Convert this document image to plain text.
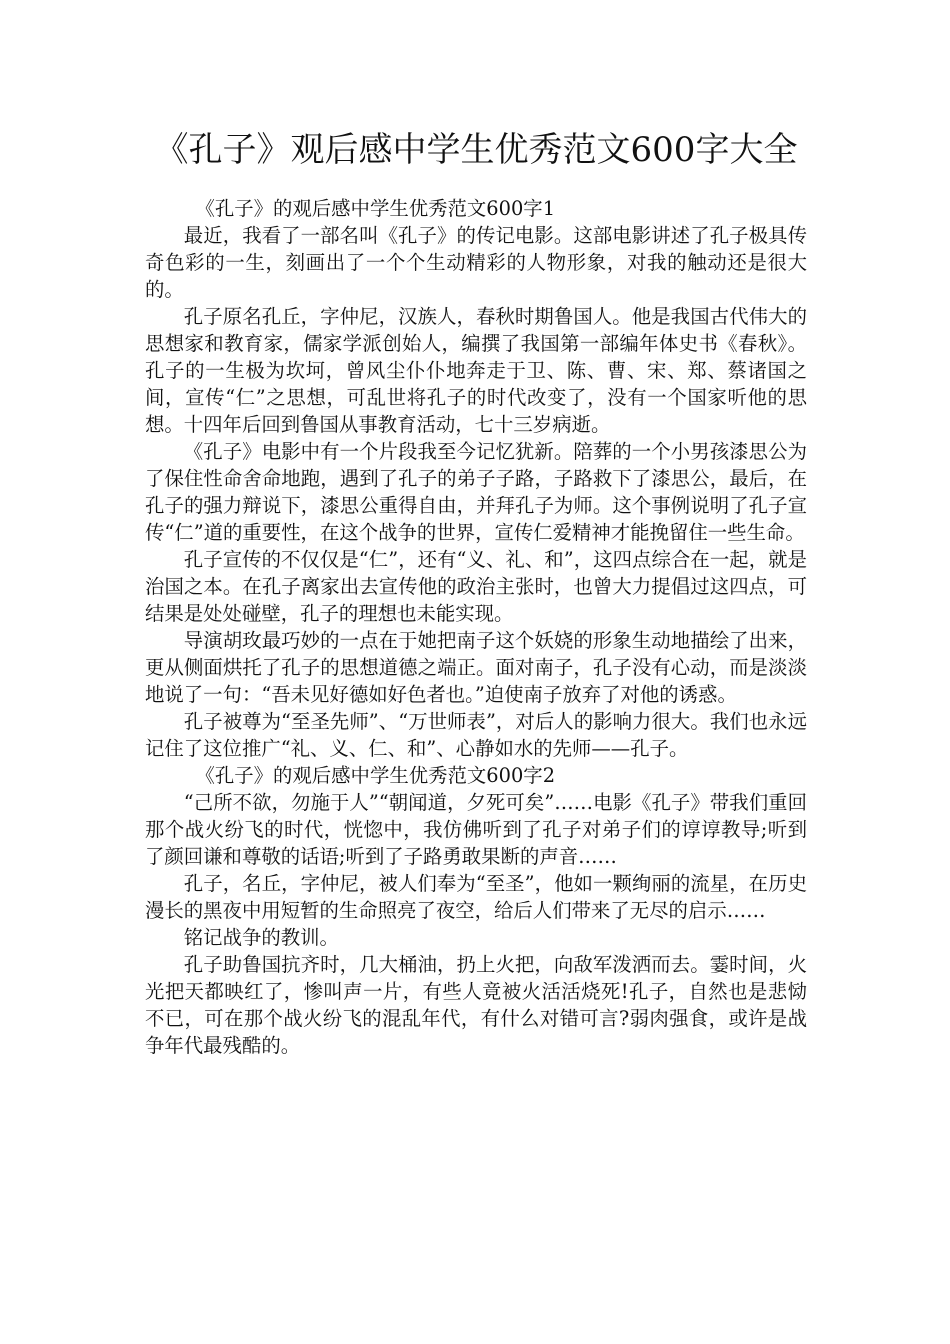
《孔子》观后感中学生优秀范文600字大全

《孔子》的观后感中学生优秀范文600字1

最近，我看了一部名叫《孔子》的传记电影。这部电影讲述了孔子极具传奇色彩的一生，刻画出了一个个生动精彩的人物形象，对我的触动还是很大的。

孔子原名孔丘，字仲尼，汉族人，春秋时期鲁国人。他是我国古代伟大的思想家和教育家，儒家学派创始人，编撰了我国第一部编年体史书《春秋》。孔子的一生极为坎坷，曾风尘仆仆地奔走于卫、陈、曹、宋、郑、蔡诸国之间，宣传“仁”之思想，可乱世将孔子的时代改变了，没有一个国家听他的思想。十四年后回到鲁国从事教育活动，七十三岁病逝。

《孔子》电影中有一个片段我至今记忆犹新。陪葬的一个小男孩漆思公为了保住性命舍命地跑，遇到了孔子的弟子子路，子路救下了漆思公，最后，在孔子的强力辩说下，漆思公重得自由，并拜孔子为师。这个事例说明了孔子宣传“仁”道的重要性，在这个战争的世界，宣传仁爱精神才能挽留住一些生命。

孔子宣传的不仅仅是“仁”，还有“义、礼、和”，这四点综合在一起，就是治国之本。在孔子离家出去宣传他的政治主张时，也曾大力提倡过这四点，可结果是处处碰壁，孔子的理想也未能实现。

导演胡玫最巧妙的一点在于她把南子这个妖娆的形象生动地描绘了出来，更从侧面烘托了孔子的思想道德之端正。面对南子，孔子没有心动，而是淡淡地说了一句：“吾未见好德如好色者也。”迫使南子放弃了对他的诱惑。

孔子被尊为“至圣先师”、“万世师表”，对后人的影响力很大。我们也永远记住了这位推广“礼、义、仁、和”、心静如水的先师——孔子。

《孔子》的观后感中学生优秀范文600字2

“己所不欲，勿施于人”“朝闻道，夕死可矣”……电影《孔子》带我们重回那个战火纷飞的时代，恍惚中，我仿佛听到了孔子对弟子们的谆谆教导;听到了颜回谦和尊敬的话语;听到了子路勇敢果断的声音……

孔子，名丘，字仲尼，被人们奉为“至圣”，他如一颗绚丽的流星，在历史漫长的黑夜中用短暂的生命照亮了夜空，给后人们带来了无尽的启示……

铭记战争的教训。

孔子助鲁国抗齐时，几大桶油，扔上火把，向敌军泼洒而去。霎时间，火光把天都映红了，惨叫声一片，有些人竟被火活活烧死!孔子，自然也是悲恸不已，可在那个战火纷飞的混乱年代，有什么对错可言?弱肉强食，或许是战争年代最残酷的。
